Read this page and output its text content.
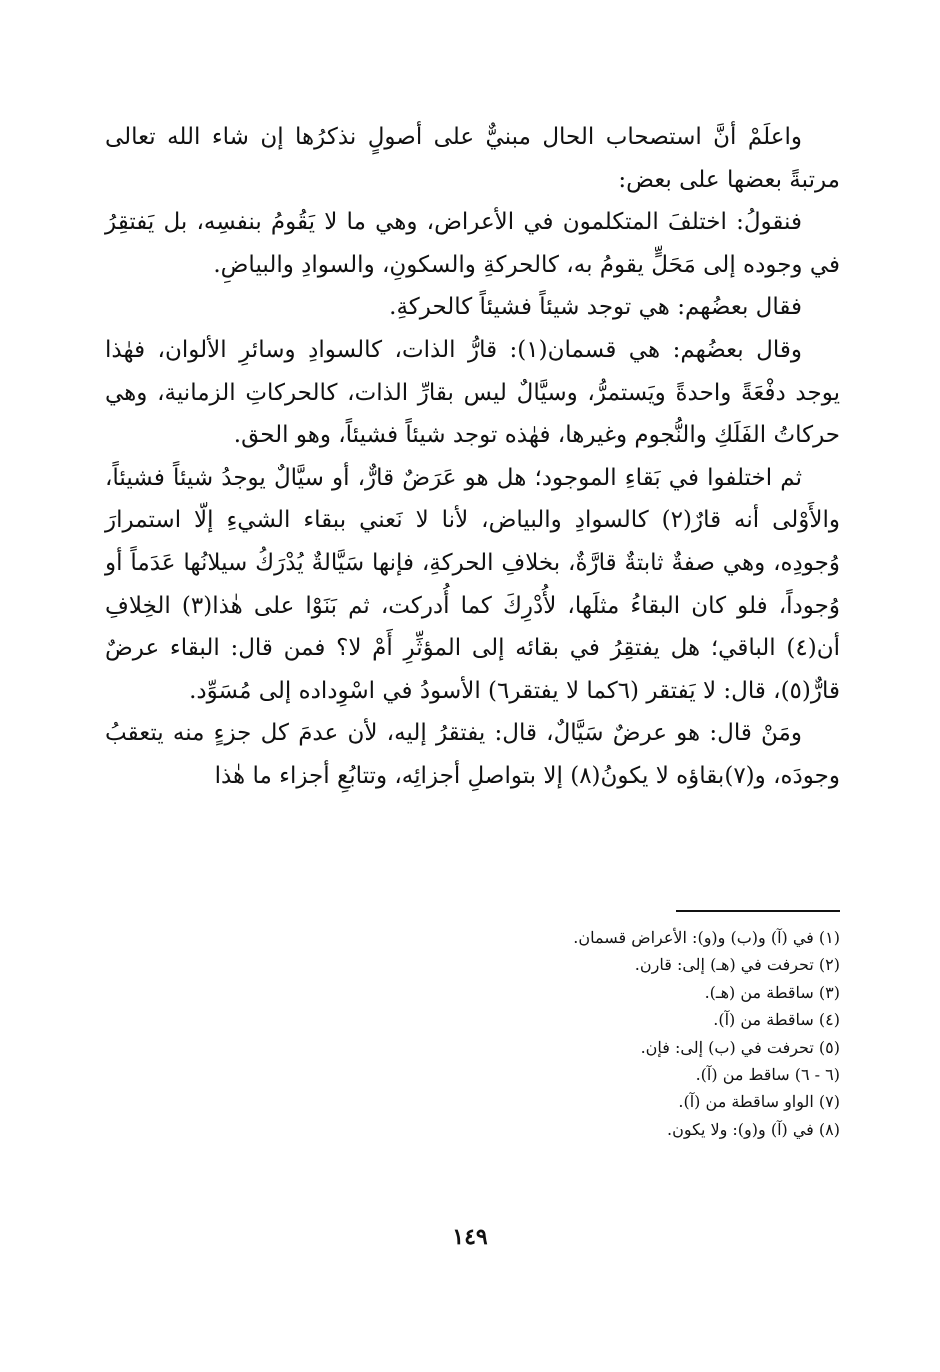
واعلَمْ أنَّ استصحاب الحال مبنيٌّ على أصولٍ نذكرُها إن شاء الله تعالى مرتبةً بعضها على بعض:

فنقولُ: اختلفَ المتكلمون في الأعراض، وهي ما لا يَقُومُ بنفسِه، بل يَفتقِرُ في وجوده إلى مَحَلٍّ يقومُ به، كالحركةِ والسكونِ، والسوادِ والبياضِ.

فقال بعضُهم: هي توجد شيئاً فشيئاً كالحركةِ.

وقال بعضُهم: هي قسمان(١): قارُّ الذات، كالسوادِ وسائرِ الألوان، فهٰذا يوجد دفْعَةً واحدةً ويَستمرُّ، وسيَّالٌ ليس بقارِّ الذات، كالحركاتِ الزمانية، وهي حركاتُ الفَلَكِ والنُّجوم وغيرها، فهٰذه توجد شيئاً فشيئاً، وهو الحق.

ثم اختلفوا في بَقاءِ الموجود؛ هل هو عَرَضٌ قارٌّ، أو سيَّالٌ يوجدُ شيئاً فشيئاً، والأَوْلى أنه قارٌ(٢) كالسوادِ والبياض، لأنا لا نَعني ببقاء الشيءِ إلّا استمرارَ وُجودِه، وهي صفةٌ ثابتةٌ قارَّةٌ، بخلافِ الحركةِ، فإنها سَيَّالةٌ يُدْرَكُ سيلانُها عَدَماً أو وُجوداً، فلو كان البقاءُ مثلَها، لأُدْرِكَ كما أُدركت، ثم بَنَوْا على هٰذا(٣) الخِلافِ أن(٤) الباقي؛ هل يفتقِرُ في بقائه إلى المؤثِّرِ أَمْ لا؟ فمن قال: البقاء عرضٌ قارٌّ(٥)، قال: لا يَفتقر (٦كما لا يفتقر٦) الأسودُ في اسْوِداده إلى مُسَوِّد.

ومَنْ قال: هو عرضٌ سَيَّالٌ، قال: يفتقرُ إليه، لأن عدمَ كل جزءٍ منه يتعقبُ وجودَه، و(٧)بقاؤه لا يكونُ(٨) إلا بتواصلِ أجزائِه، وتتابُعِ أجزاء ما هٰذا

(١) في (آ) و(ب) و(و): الأعراض قسمان.
(٢) تحرفت في (هـ) إلى: قارن.
(٣) ساقطة من (هـ).
(٤) ساقطة من (آ).
(٥) تحرفت في (ب) إلى: فإن.
(٦ - ٦) ساقط من (آ).
(٧) الواو ساقطة من (آ).
(٨) في (آ) و(و): ولا يكون.
١٤٩
